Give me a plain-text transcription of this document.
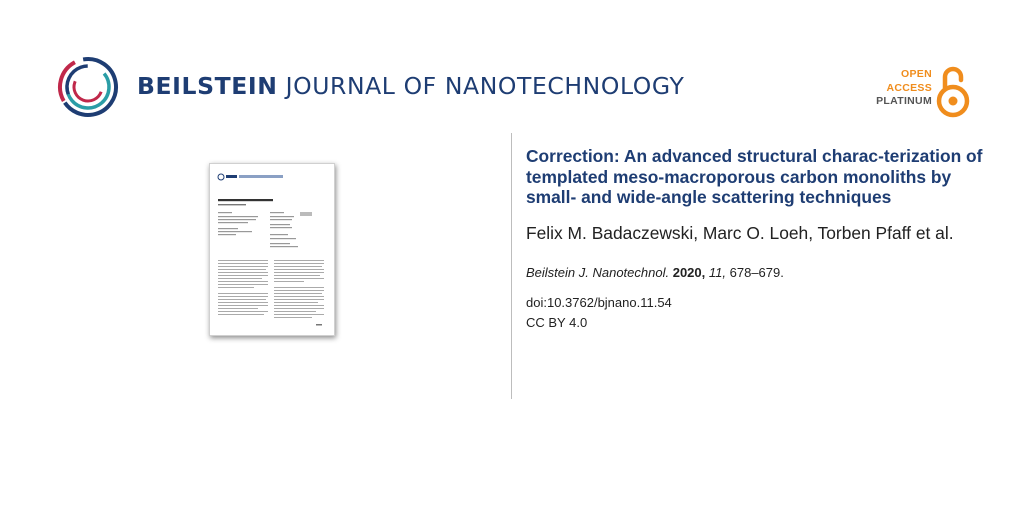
BEILSTEIN JOURNAL OF NANOTECHNOLOGY	OPEN
ACCESS
PLATINUM
Correction: An advanced structural charac-terization of templated meso-macroporous carbon monoliths by small- and wide-angle scattering techniques
Felix M. Badaczewski, Marc O. Loeh, Torben Pfaff et al.
Beilstein J. Nanotechnol. 2020, 11, 678–679.
doi:10.3762/bjnano.11.54
CC BY 4.0
